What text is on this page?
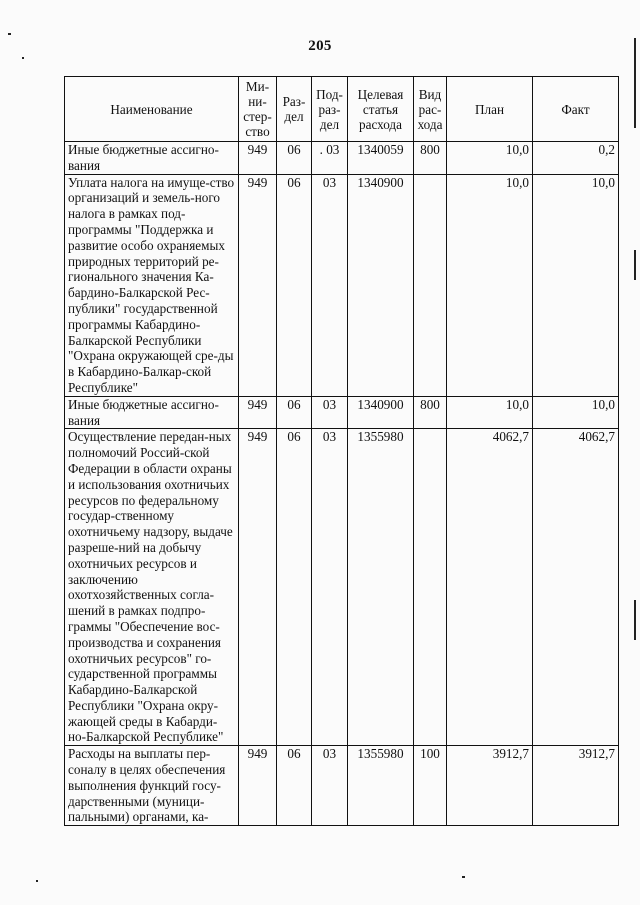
205
Наименование	Ми-ни-стер-ство	Раз-дел	Под-раз-дел	Целевая статья расхода	Вид рас-хода	План	Факт
Иные бюджетные ассигно-вания	949	06	. 03	1340059	800	10,0	0,2
Уплата налога на имуще-ство организаций и земель-ного налога в рамках под-программы "Поддержка и развитие особо охраняемых природных территорий ре-гионального значения Ка-бардино-Балкарской Рес-публики" государственной программы Кабардино-Балкарской Республики "Охрана окружающей сре-ды в Кабардино-Балкар-ской Республике"	949	06	03	1340900		10,0	10,0
Иные бюджетные ассигно-вания	949	06	03	1340900	800	10,0	10,0
Осуществление передан-ных полномочий Россий-ской Федерации в области охраны и использования охотничьих ресурсов по федеральному государ-ственному охотничьему надзору, выдаче разреше-ний на добычу охотничьих ресурсов и заключению охотхозяйственных согла-шений в рамках подпро-граммы "Обеспечение вос-производства и сохранения охотничьих ресурсов" го-сударственной программы Кабардино-Балкарской Республики "Охрана окру-жающей среды в Кабарди-но-Балкарской Республике"	949	06	03	1355980		4062,7	4062,7
Расходы на выплаты пер-соналу в целях обеспечения выполнения функций госу-дарственными (муници-пальными) органами, ка-	949	06	03	1355980	100	3912,7	3912,7
